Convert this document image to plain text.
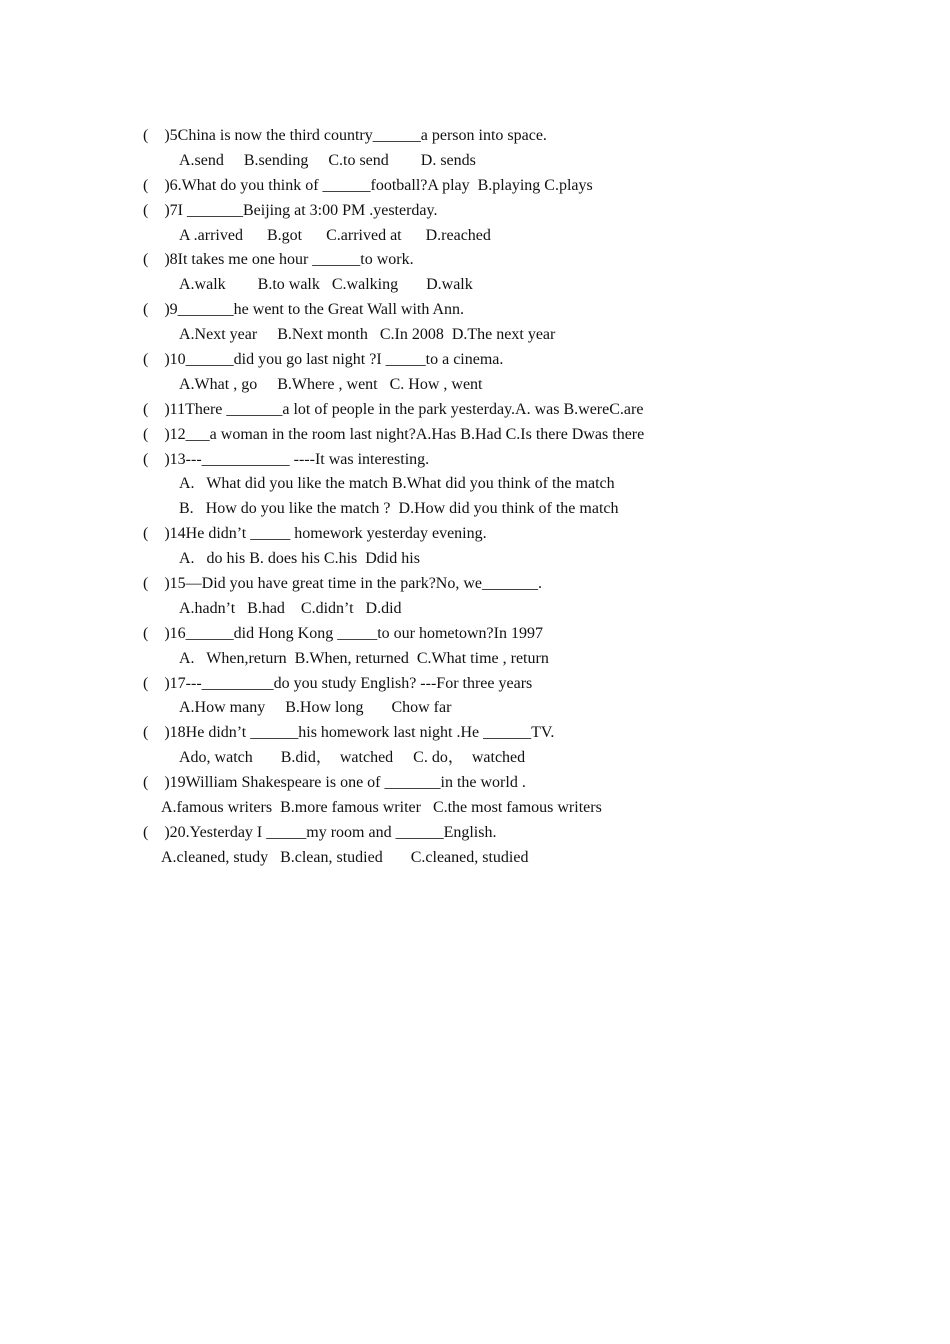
(    )5China is now the third country______a person into space.
A.send     B.sending     C.to send        D. sends
(    )6.What do you think of ______football?A play  B.playing C.plays
(    )7I _______Beijing at 3:00 PM .yesterday.
A .arrived      B.got      C.arrived at      D.reached
(    )8It takes me one hour ______to work.
A.walk        B.to walk   C.walking       D.walk
(    )9_______he went to the Great Wall with Ann.
A.Next year     B.Next month   C.In 2008  D.The next year
(    )10______did you go last night ?I _____to a cinema.
A.What , go     B.Where , went   C. How , went
(    )11There _______a lot of people in the park yesterday.A. was B.wereC.are
(    )12___a woman in the room last night?A.Has B.Had C.Is there Dwas there
(    )13---___________ ----It was interesting.
A.   What did you like the match B.What did you think of the match
B.   How do you like the match ?  D.How did you think of the match
(    )14He didn’t _____ homework yesterday evening.
A.   do his B. does his C.his  Ddid his
(    )15—Did you have great time in the park?No, we_______.
A.hadn’t   B.had    C.didn’t   D.did
(    )16______did Hong Kong _____to our hometown?In 1997
A.   When,return  B.When, returned  C.What time , return
(    )17---_________do you study English? ---For three years
A.How many     B.How long       Chow far
(    )18He didn’t ______his homework last night .He ______TV.
Ado, watch       B.did，  watched     C. do，  watched
(    )19William Shakespeare is one of _______in the world .
A.famous writers  B.more famous writer   C.the most famous writers
(    )20.Yesterday I _____my room and ______English.
A.cleaned, study   B.clean, studied       C.cleaned, studied
